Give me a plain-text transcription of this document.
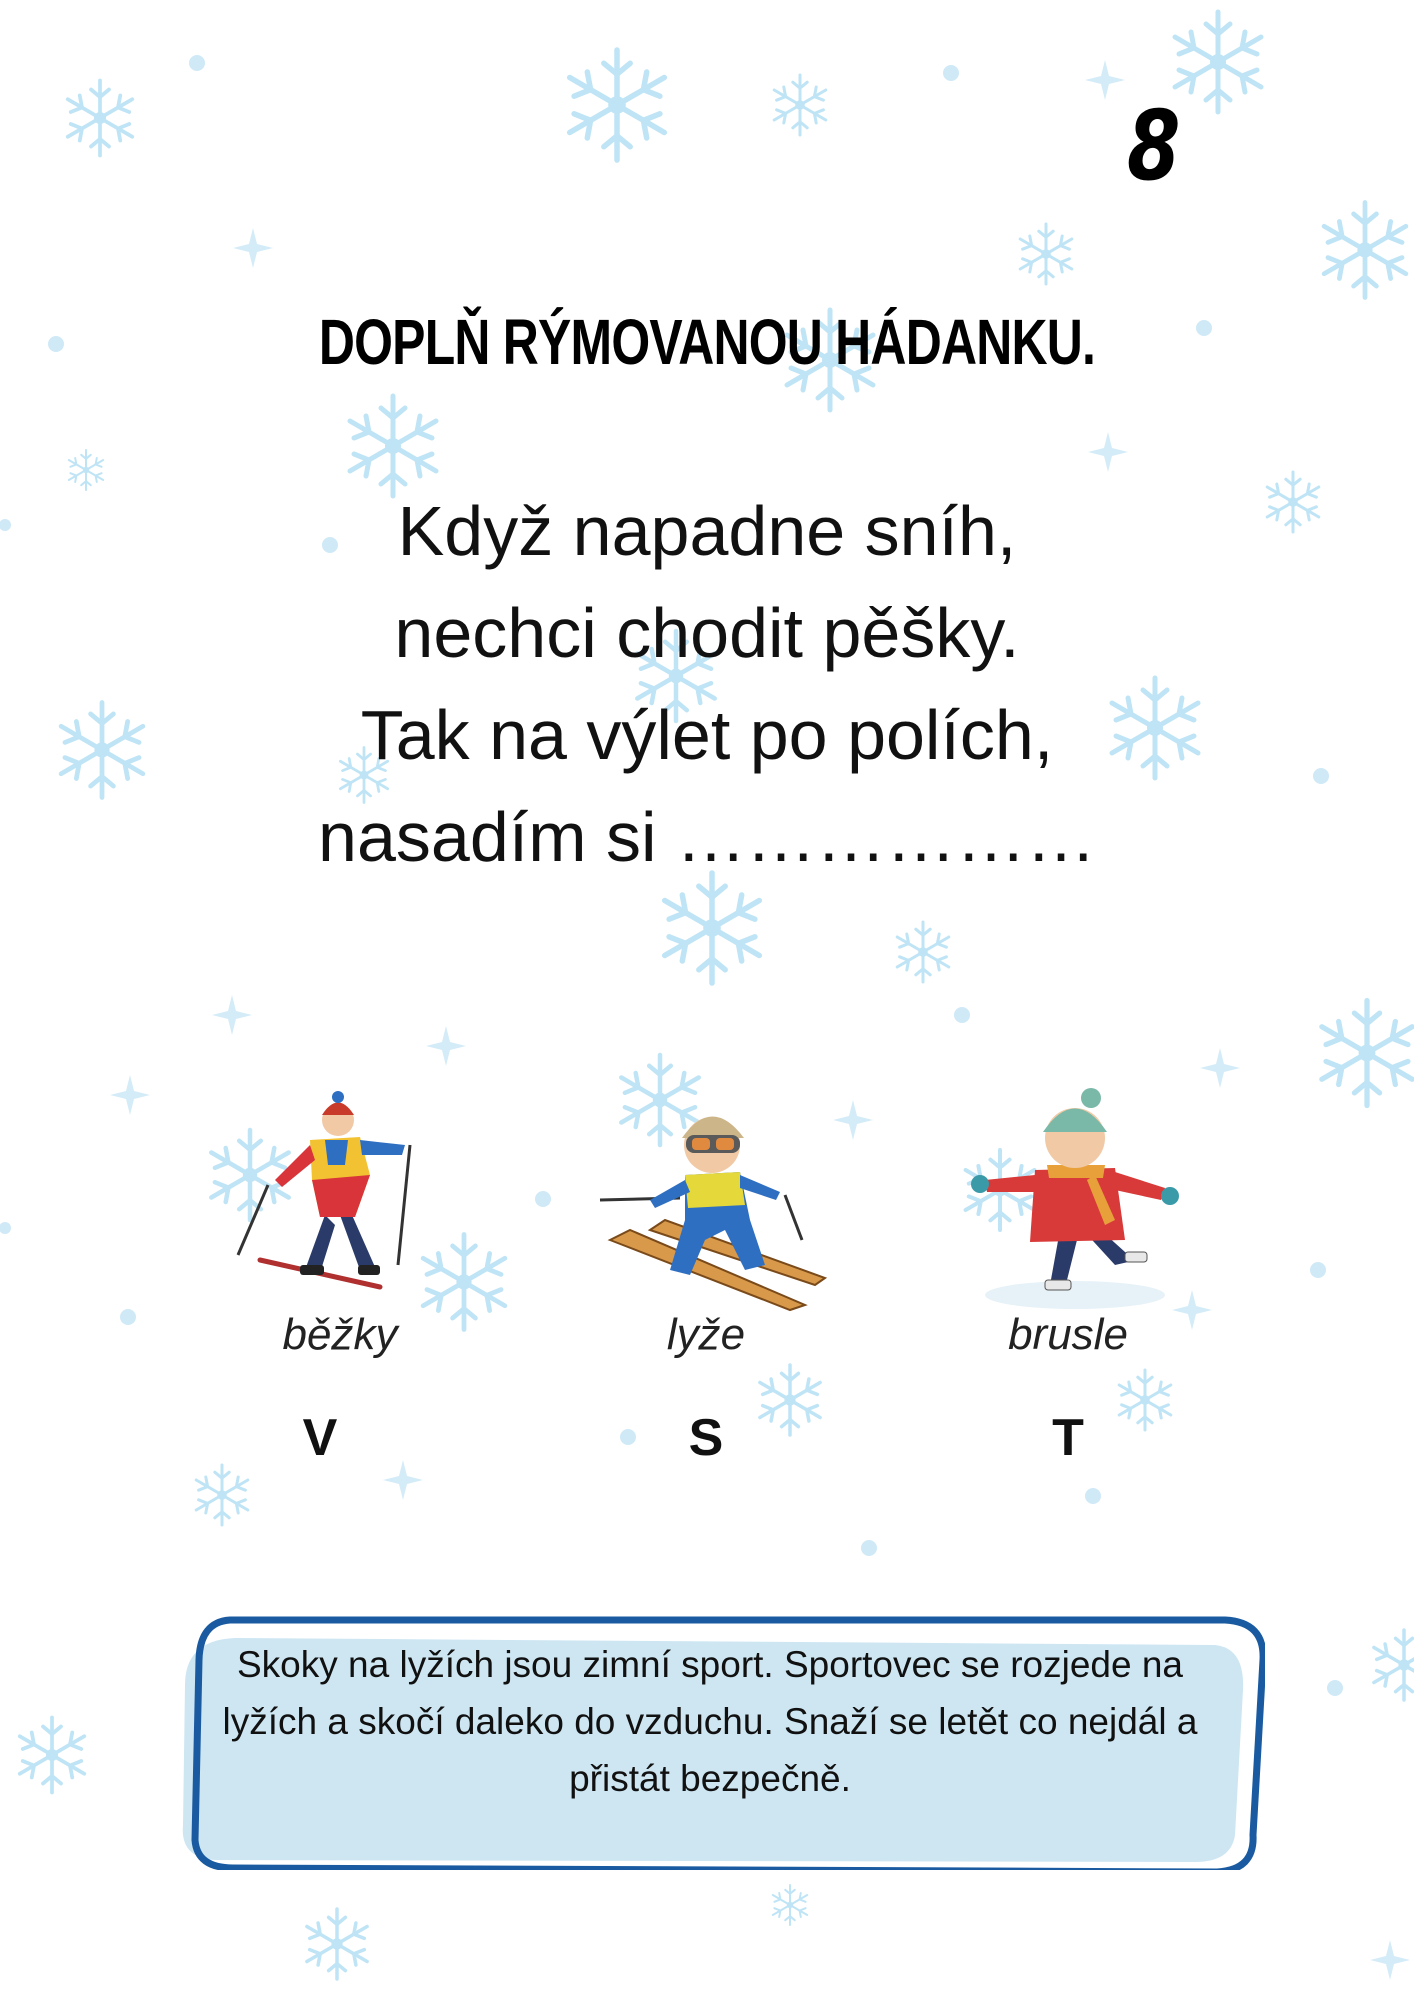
8
DOPLŇ RÝMOVANOU HÁDANKU.
Když napadne sníh,
nechci chodit pěšky.
Tak na výlet po polích,
nasadím si ………………
běžky
V
lyže
S
brusle
T
Skoky na lyžích jsou zimní sport. Sportovec se rozjede na lyžích a skočí daleko do vzduchu. Snaží se letět co nejdál a přistát bezpečně.
